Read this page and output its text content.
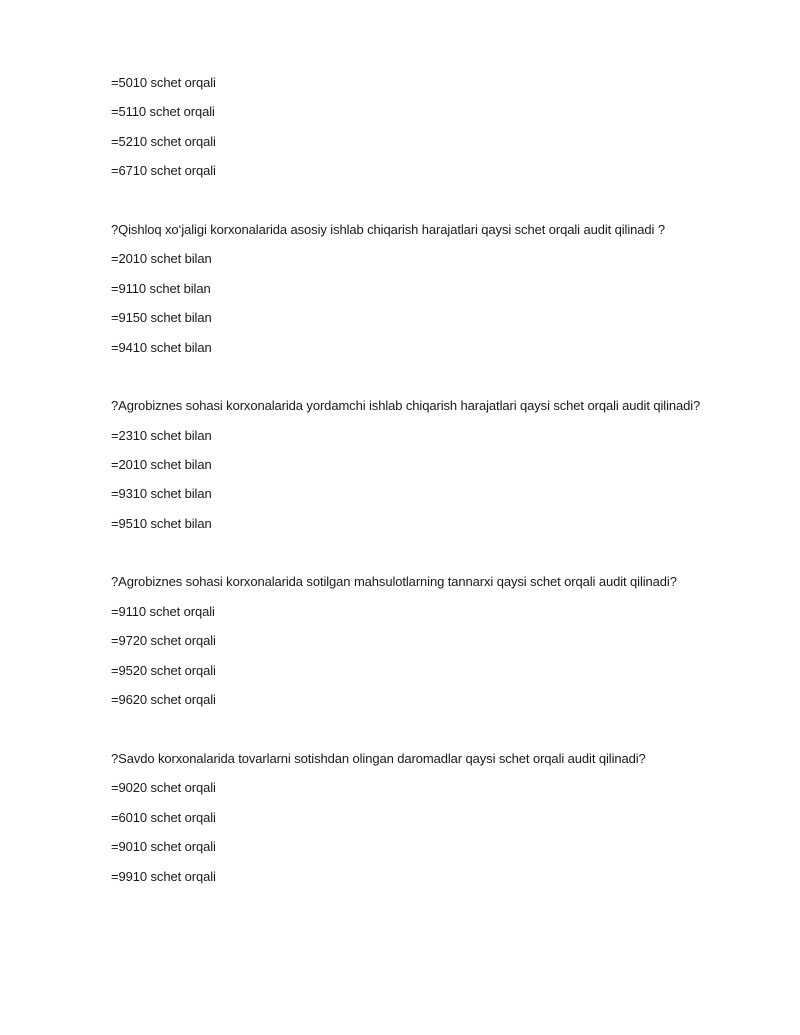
=5010 schet orqali
=5110 schet orqali
=5210 schet orqali
=6710 schet orqali
?Qishloq xo‘jaligi korxonalarida asosiy ishlab chiqarish harajatlari qaysi schet orqali audit qilinadi ?
=2010 schet bilan
=9110 schet bilan
=9150 schet bilan
=9410 schet bilan
?Agrobiznes sohasi korxonalarida yordamchi ishlab chiqarish harajatlari qaysi schet orqali audit qilinadi?
=2310 schet bilan
=2010 schet bilan
=9310 schet bilan
=9510 schet bilan
?Agrobiznes sohasi korxonalarida sotilgan mahsulotlarning tannarxi qaysi schet orqali audit qilinadi?
=9110 schet orqali
=9720 schet orqali
=9520 schet orqali
=9620 schet orqali
?Savdo korxonalarida tovarlarni sotishdan olingan daromadlar qaysi schet orqali audit qilinadi?
=9020 schet orqali
=6010 schet orqali
=9010 schet orqali
=9910 schet orqali
